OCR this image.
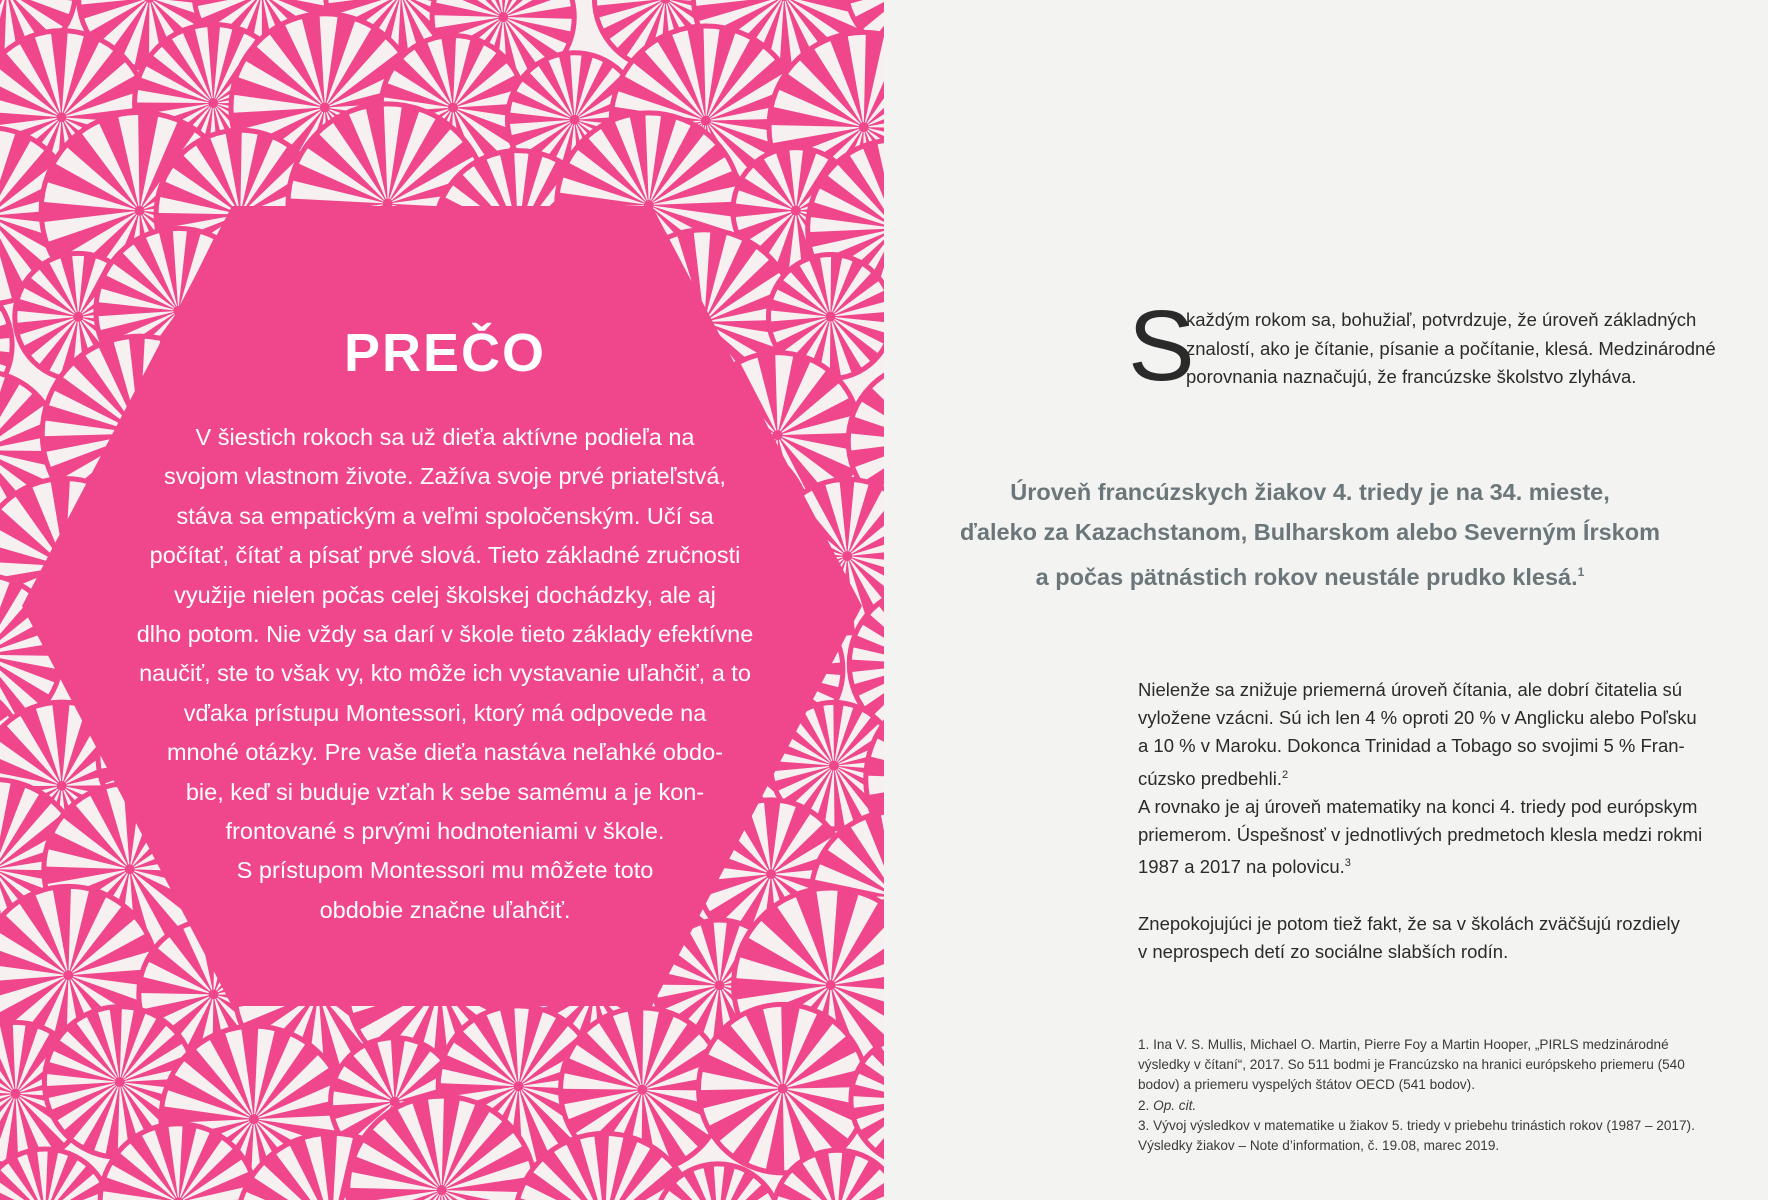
PREČO
V šiestich rokoch sa už dieťa aktívne podieľa na
svojom vlastnom živote. Zažíva svoje prvé priateľstvá,
stáva sa empatickým a veľmi spoločenským. Učí sa
počítať, čítať a písať prvé slová. Tieto základné zručnosti
využije nielen počas celej školskej dochádzky, ale aj
dlho potom. Nie vždy sa darí v škole tieto základy efektívne
naučiť, ste to však vy, kto môže ich vystavanie uľahčiť, a to
vďaka prístupu Montessori, ktorý má odpovede na
mnohé otázky. Pre vaše dieťa nastáva neľahké obdo-
bie, keď si buduje vzťah k sebe samému a je kon-
frontované s prvými hodnoteniami v škole.
S prístupom Montessori mu môžete toto
obdobie značne uľahčiť.
S
každým rokom sa, bohužiaľ, potvrdzuje, že úroveň základných
znalostí, ako je čítanie, písanie a počítanie, klesá. Medzinárodné
porovnania naznačujú, že francúzske školstvo zlyháva.
Úroveň francúzskych žiakov 4. triedy je na 34. mieste,
ďaleko za Kazachstanom, Bulharskom alebo Severným Írskom
a počas pätnástich rokov neustále prudko klesá.$^1$
Nielenže sa znižuje priemerná úroveň čítania, ale dobrí čitatelia sú
vyložene vzácni. Sú ich len 4 % oproti 20 % v Anglicku alebo Poľsku
a 10 % v Maroku. Dokonca Trinidad a Tobago so svojimi 5 % Fran-
cúzsko predbehli.$^2$
A rovnako je aj úroveň matematiky na konci 4. triedy pod európskym
priemerom. Úspešnosť v jednotlivých predmetoch klesla medzi rokmi
1987 a 2017 na polovicu.$^3$
Znepokojujúci je potom tiež fakt, že sa v školách zväčšujú rozdiely
v neprospech detí zo sociálne slabších rodín.
1. Ina V. S. Mullis, Michael O. Martin, Pierre Foy a Martin Hooper, „PIRLS medzinárodné
výsledky v čítaní“, 2017. So 511 bodmi je Francúzsko na hranici európskeho priemeru (540
bodov) a priemeru vyspelých štátov OECD (541 bodov).
2. Op. cit.
3. Vývoj výsledkov v matematike u žiakov 5. triedy v priebehu trinástich rokov (1987 – 2017).
Výsledky žiakov – Note d’information, č. 19.08, marec 2019.
